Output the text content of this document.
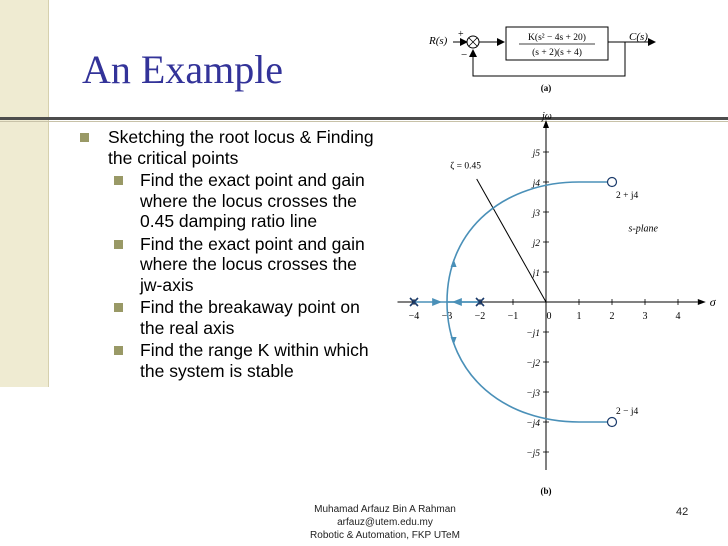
An Example
Sketching the root locus & Finding the critical points
Find the exact point and gain where the locus crosses the 0.45 damping ratio line
Find the exact point and gain where the locus crosses the jw-axis
Find the breakaway point on the real axis
Find the range K within which the system is stable
R(s)
+
−
K(s² − 4s + 20)
(s + 2)(s + 4)
C(s)
(a)
jω
σ
−4 −3 −2 −1	0	1	2	3	4
j5
j4
j3
j2
j1
−j1
−j2
−j3
−j4
−j5
ζ = 0.45
2 + j4
2 − j4
s-plane
(b)
Muhamad Arfauz Bin A Rahman
arfauz@utem.edu.my
Robotic & Automation, FKP UTeM
42
